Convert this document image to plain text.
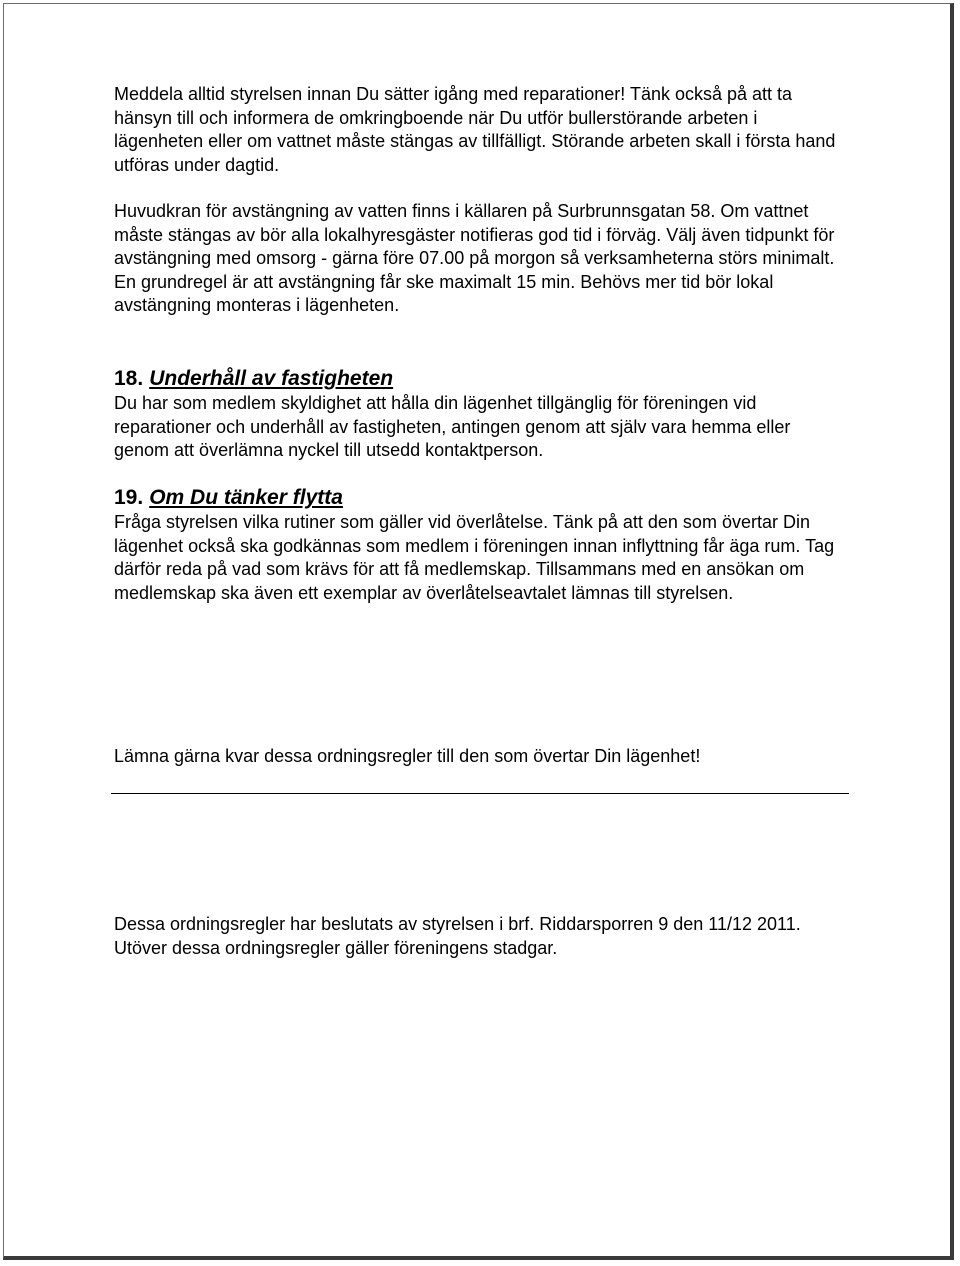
Meddela alltid styrelsen innan Du sätter igång med reparationer! Tänk också på att ta hänsyn till och informera de omkringboende när Du utför bullerstörande arbeten i lägenheten eller om vattnet måste stängas av tillfälligt. Störande arbeten skall i första hand utföras under dagtid.

Huvudkran för avstängning av vatten finns i källaren på Surbrunnsgatan 58. Om vattnet måste stängas av bör alla lokalhyresgäster notifieras god tid i förväg. Välj även tidpunkt för avstängning med omsorg - gärna före 07.00 på morgon så verksamheterna störs minimalt. En grundregel är att avstängning får ske maximalt 15 min. Behövs mer tid bör lokal avstängning monteras i lägenheten.

18. Underhåll av fastigheten

Du har som medlem skyldighet att hålla din lägenhet tillgänglig för föreningen vid reparationer och underhåll av fastigheten, antingen genom att själv vara hemma eller genom att överlämna nyckel till utsedd kontaktperson.

19. Om Du tänker flytta

Fråga styrelsen vilka rutiner som gäller vid överlåtelse. Tänk på att den som övertar Din lägenhet också ska godkännas som medlem i föreningen innan inflyttning får äga rum. Tag därför reda på vad som krävs för att få medlemskap. Tillsammans med en ansökan om medlemskap ska även ett exemplar av överlåtelseavtalet lämnas till styrelsen.

Lämna gärna kvar dessa ordningsregler till den som övertar Din lägenhet!

Dessa ordningsregler har beslutats av styrelsen i brf. Riddarsporren 9 den 11/12 2011. Utöver dessa ordningsregler gäller föreningens stadgar.
